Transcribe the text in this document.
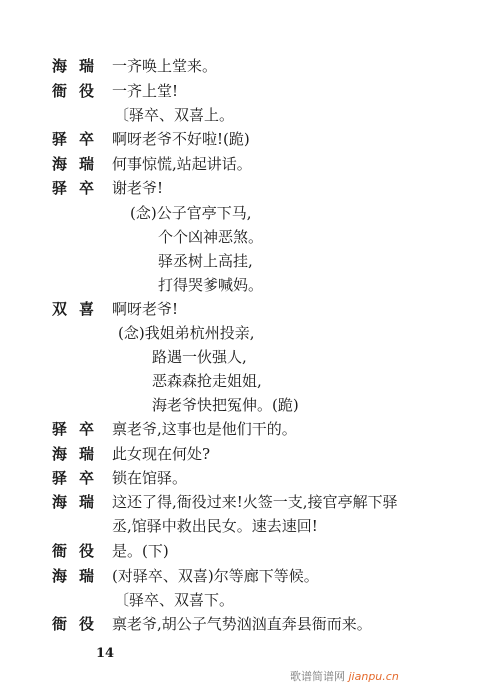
海瑞 一齐唤上堂来。
衙役 一齐上堂!
〔驿卒、双喜上。
驿卒 啊呀老爷不好啦!(跪)
海瑞 何事惊慌,站起讲话。
驿卒 谢老爷!
(念)公子官亭下马,
个个凶神恶煞。
驿丞树上高挂,
打得哭爹喊妈。
双喜 啊呀老爷!
(念)我姐弟杭州投亲,
路遇一伙强人,
恶森森抢走姐姐,
海老爷快把冤伸。(跪)
驿卒 禀老爷,这事也是他们干的。
海瑞 此女现在何处?
驿卒 锁在馆驿。
海瑞 这还了得,衙役过来!火签一支,接官亭解下驿
丞,馆驿中救出民女。速去速回!
衙役 是。(下)
海瑞 (对驿卒、双喜)尔等廊下等候。
〔驿卒、双喜下。
衙役 禀老爷,胡公子气势汹汹直奔县衙而来。
14
歌谱简谱网 jianpu.cn
